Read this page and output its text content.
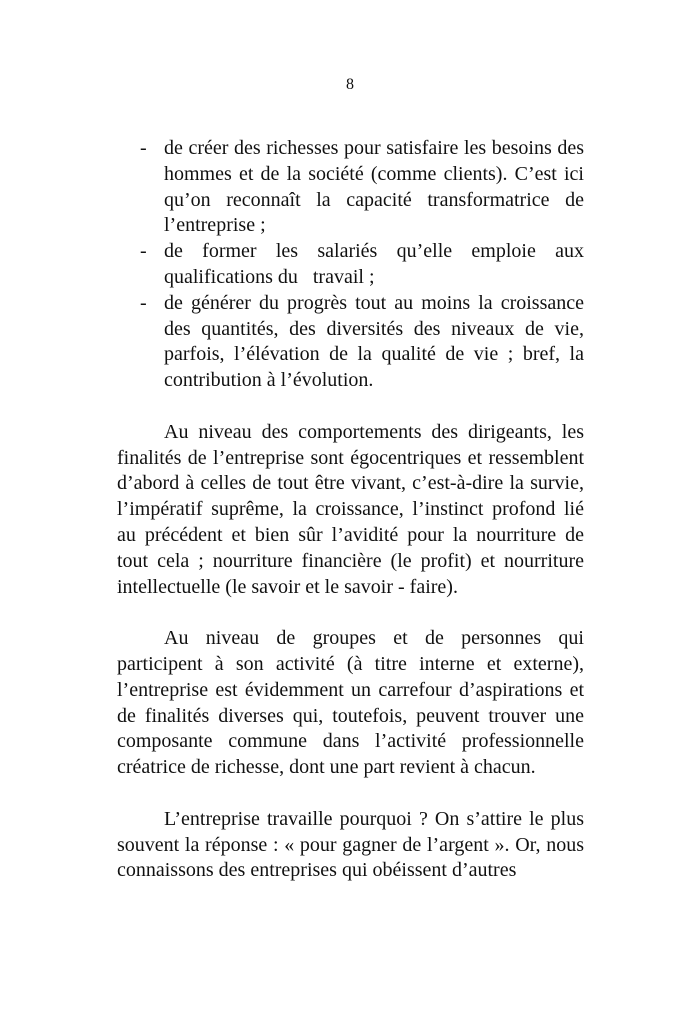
8
- de créer des richesses pour satisfaire les besoins des hommes et de la société (comme clients). C’est ici qu’on reconnaît la capacité transformatrice de l’entreprise ;
- de former les salariés qu’elle emploie aux qualifications du   travail ;
- de générer du progrès tout au moins la croissance des quantités, des diversités des niveaux de vie, parfois, l’élévation de la qualité de vie ; bref, la contribution à l’évolution.

Au niveau des comportements des dirigeants, les finalités de l’entreprise sont égocentriques et ressemblent d’abord à celles de tout être vivant, c’est-à-dire la survie, l’impératif suprême, la croissance, l’instinct profond lié au précédent et bien sûr l’avidité pour la nourriture de tout cela ; nourriture financière (le profit) et nourriture intellectuelle (le savoir et le savoir - faire).

Au niveau de groupes et de personnes qui participent à son activité (à titre interne et externe), l’entreprise est évidemment un carrefour d’aspirations et de finalités diverses qui, toutefois, peuvent trouver une composante commune dans l’activité professionnelle créatrice de richesse, dont une part revient à chacun.

L’entreprise travaille pourquoi ? On s’attire le plus souvent la réponse : « pour gagner de l’argent ». Or, nous connaissons des entreprises qui obéissent d’autres
